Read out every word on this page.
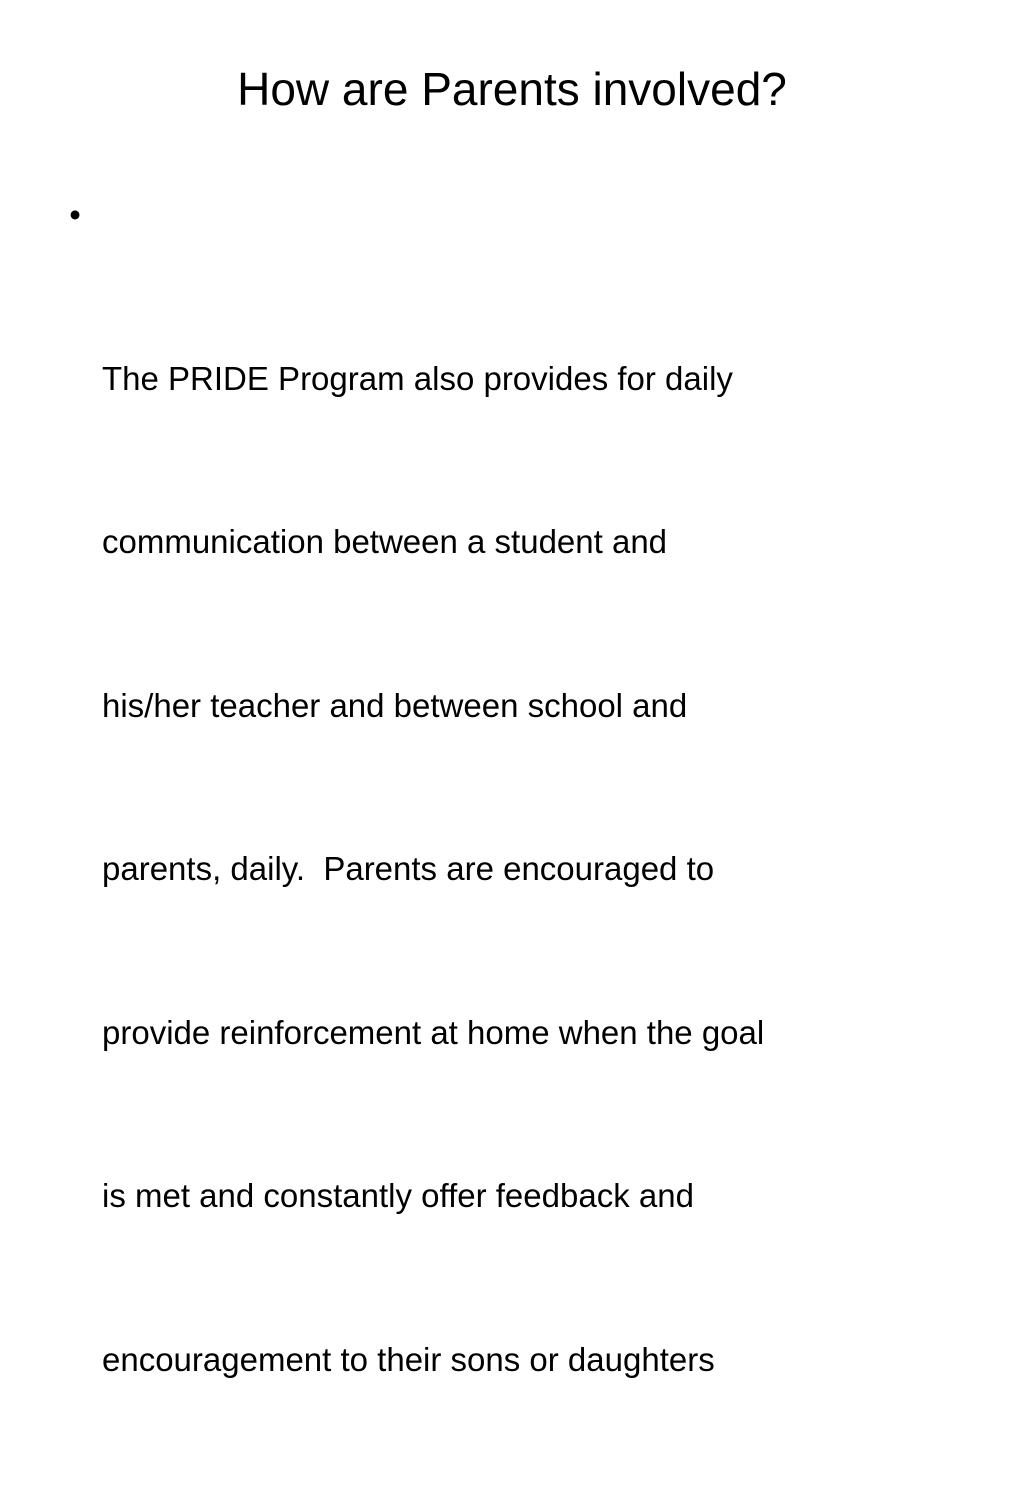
How are Parents involved?

•

The PRIDE Program also provides for daily

communication between a student and

his/her teacher and between school and

parents, daily.  Parents are encouraged to

provide reinforcement at home when the goal

is met and constantly offer feedback and

encouragement to their sons or daughters
